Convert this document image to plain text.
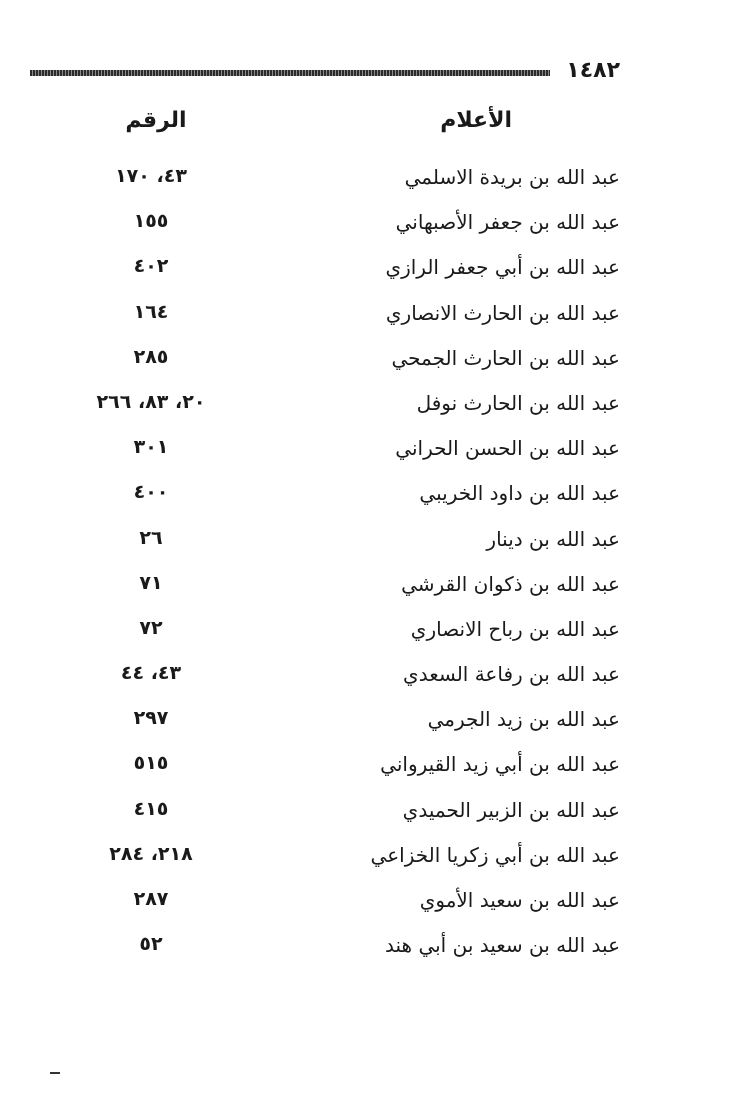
١٤٨٢
الأعلام
الرقم
عبد الله بن بريدة الاسلمي
٤٣، ١٧٠
عبد الله بن جعفر الأصبهاني
١٥٥
عبد الله بن أبي جعفر الرازي
٤٠٢
عبد الله بن الحارث الانصاري
١٦٤
عبد الله بن الحارث الجمحي
٢٨٥
عبد الله بن الحارث نوفل
٢٠، ٨٣، ٢٦٦
عبد الله بن الحسن الحراني
٣٠١
عبد الله بن داود الخريبي
٤٠٠
عبد الله بن دينار
٢٦
عبد الله بن ذكوان القرشي
٧١
عبد الله بن رباح الانصاري
٧٢
عبد الله بن رفاعة السعدي
٤٣، ٤٤
عبد الله بن زيد الجرمي
٢٩٧
عبد الله بن أبي زيد القيرواني
٥١٥
عبد الله بن الزبير الحميدي
٤١٥
عبد الله بن أبي زكريا الخزاعي
٢١٨، ٢٨٤
عبد الله بن سعيد الأموي
٢٨٧
عبد الله بن سعيد بن أبي هند
٥٢
